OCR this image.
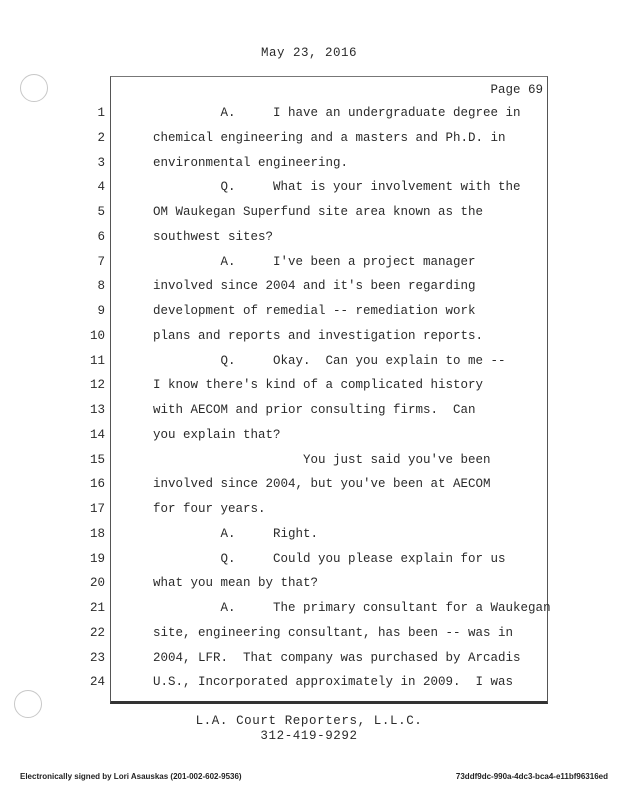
May 23, 2016
Page 69
1	A.     I have an undergraduate degree in
2	chemical engineering and a masters and Ph.D. in
3	environmental engineering.
4	Q.     What is your involvement with the
5	OM Waukegan Superfund site area known as the
6	southwest sites?
7	A.     I've been a project manager
8	involved since 2004 and it's been regarding
9	development of remedial -- remediation work
10	plans and reports and investigation reports.
11	Q.     Okay.  Can you explain to me --
12	I know there's kind of a complicated history
13	with AECOM and prior consulting firms.  Can
14	you explain that?
15	You just said you've been
16	involved since 2004, but you've been at AECOM
17	for four years.
18	A.     Right.
19	Q.     Could you please explain for us
20	what you mean by that?
21	A.     The primary consultant for a Waukegan
22	site, engineering consultant, has been -- was in
23	2004, LFR.  That company was purchased by Arcadis
24	U.S., Incorporated approximately in 2009.  I was
L.A. Court Reporters, L.L.C.
312-419-9292
Electronically signed by Lori Asauskas (201-002-602-9536)	73ddf9dc-990a-4dc3-bca4-e11bf96316ed
